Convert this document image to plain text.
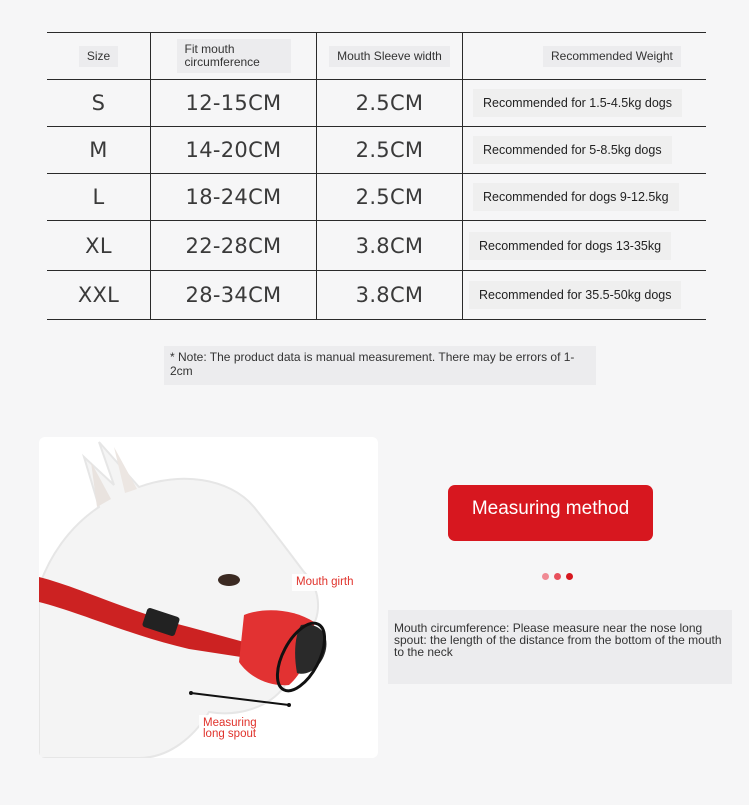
Size	Fit mouth circumference	Mouth Sleeve width	Recommended Weight
S	12-15CM	2.5CM	Recommended for 1.5-4.5kg dogs
M	14-20CM	2.5CM	Recommended for 5-8.5kg dogs
L	18-24CM	2.5CM	Recommended for dogs 9-12.5kg
XL	22-28CM	3.8CM	Recommended for dogs 13-35kg
XXL	28-34CM	3.8CM	Recommended for 35.5-50kg dogs
* Note: The product data is manual measurement. There may be errors of 1-2cm
Mouth girth
Measuring long spout
Measuring method
Mouth circumference: Please measure near the nose long spout: the length of the distance from the bottom of the mouth to the neck
